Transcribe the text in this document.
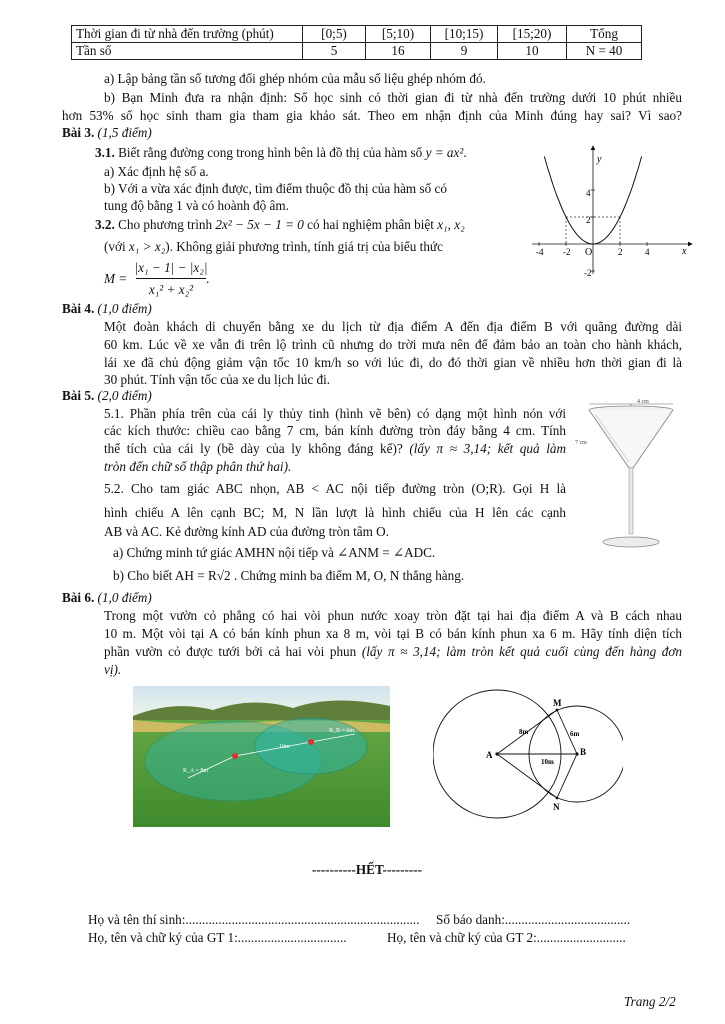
Thời gian đi từ nhà đến trường (phút)	[0;5)	[5;10)	[10;15)	[15;20)	Tổng
Tần số	5	16	9	10	N = 40
a) Lập bảng tần số tương đối ghép nhóm của mẫu số liệu ghép nhóm đó.
b) Bạn Minh đưa ra nhận định: Số học sinh có thời gian đi từ nhà đến trường dưới 10 phút nhiều
hơn 53% số học sinh tham gia tham gia khảo sát. Theo em nhận định của Minh đúng hay sai? Vì sao?
Bài 3. (1,5 điểm)
3.1. Biết rằng đường cong trong hình bên là đồ thị của hàm số y = ax².
a) Xác định hệ số a.
b) Với a vừa xác định được, tìm điểm thuộc đồ thị của hàm số có
tung độ bằng 1 và có hoành độ âm.
3.2. Cho phương trình 2x² − 5x − 1 = 0 có hai nghiệm phân biệt x₁, x₂
(với x₁ > x₂). Không giải phương trình, tính giá trị của biểu thức
M =
|x₁ − 1| − |x₂|
x₁² + x₂²
.
y
x
O
-4 -2	2	4
4
2
-2
Bài 4. (1,0 điểm)
Một đoàn khách di chuyển bằng xe du lịch từ địa điểm A đến địa điểm B với quãng đường dài
60 km. Lúc về xe vẫn đi trên lộ trình cũ nhưng do trời mưa nên để đảm bảo an toàn cho hành khách,
lái xe đã chủ động giảm vận tốc 10 km/h so với lúc đi, do đó thời gian về nhiều hơn thời gian đi là
30 phút. Tính vận tốc của xe du lịch lúc đi.
Bài 5. (2,0 điểm)
5.1. Phần phía trên của cái ly thủy tinh (hình vẽ bên) có dạng một hình nón với
các kích thước: chiều cao bằng 7 cm, bán kính đường tròn đáy bằng 4 cm. Tính
thể tích của cái ly (bề dày của ly không đáng kể)? (lấy π ≈ 3,14; kết quả làm
tròn đến chữ số thập phân thứ hai).
5.2. Cho tam giác ABC nhọn, AB < AC nội tiếp đường tròn (O;R). Gọi H là
hình chiếu A lên cạnh BC; M, N lần lượt là hình chiếu của H lên các cạnh
AB và AC. Kẻ đường kính AD của đường tròn tâm O.
a) Chứng minh tứ giác AMHN nội tiếp và ∠ANM = ∠ADC.
b) Cho biết AH = R√2 . Chứng minh ba điểm M, O, N thẳng hàng.
4 cm
7 cm
Bài 6. (1,0 điểm)
Trong một vườn cỏ phẳng có hai vòi phun nước xoay tròn đặt tại hai địa điểm A và B cách nhau
10 m. Một vòi tại A có bán kính phun xa 8 m, vòi tại B có bán kính phun xa 6 m. Hãy tính diện tích
phần vườn cỏ được tưới bởi cả hai vòi phun (lấy π ≈ 3,14; làm tròn kết quả cuối cùng đến hàng đơn
vị).
R_B = 6m
10m
R_A = 8m
A	B
M
N
8m	6m
10m
----------HẾT---------
Họ và tên thí sinh:....................................................................... Số báo danh:......................................
Họ, tên và chữ ký của GT 1:.................................	Họ, tên và chữ ký của GT 2:...........................
Trang 2/2
